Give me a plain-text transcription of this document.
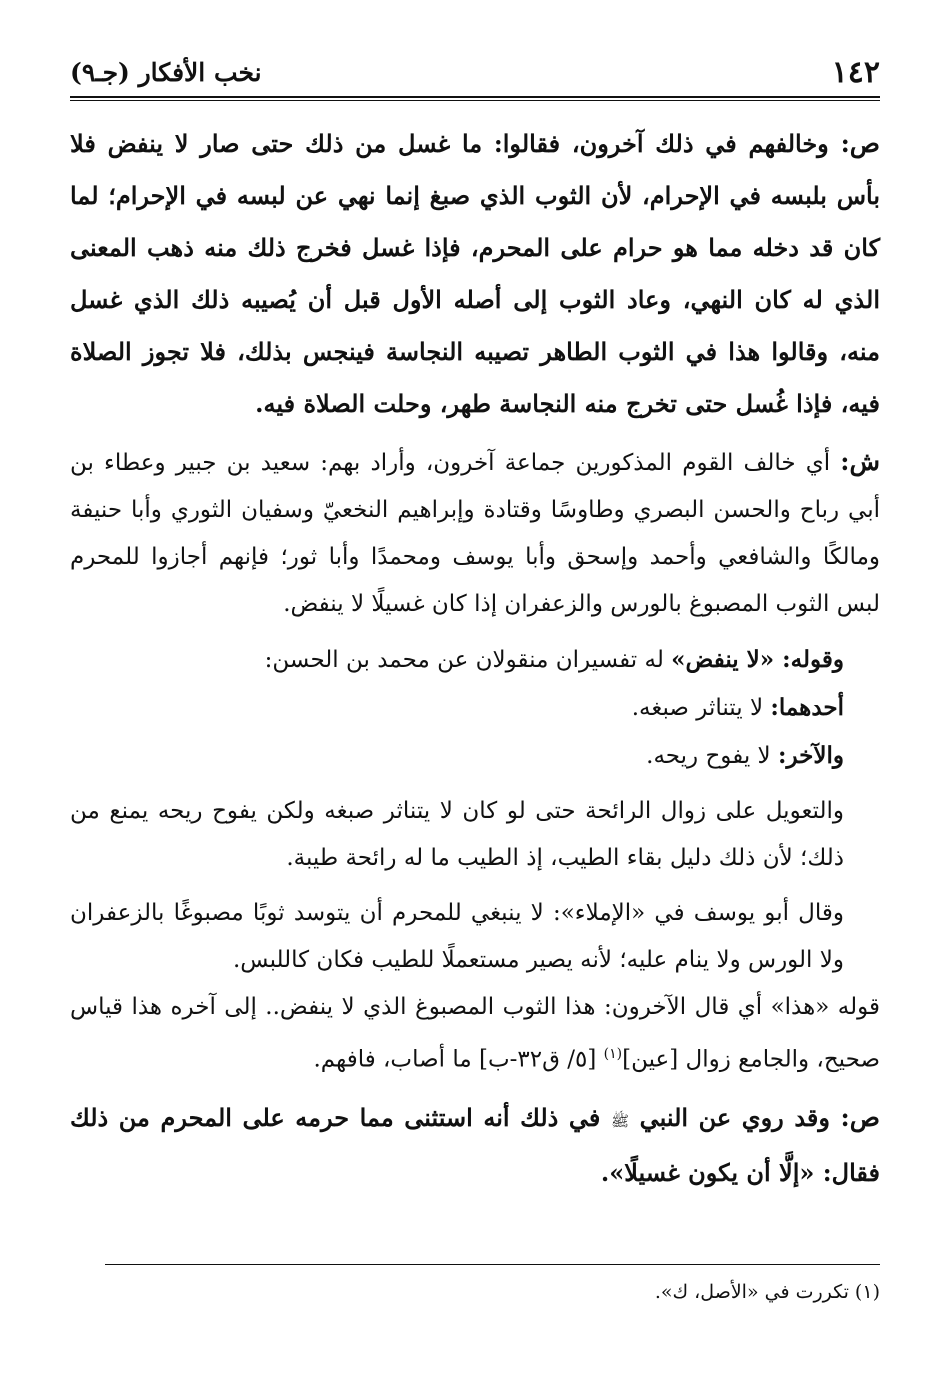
١٤٢
نخب الأفكار (جـ٩)

ص: وخالفهم في ذلك آخرون، فقالوا: ما غسل من ذلك حتى صار لا ينفض فلا بأس بلبسه في الإحرام، لأن الثوب الذي صبغ إنما نهي عن لبسه في الإحرام؛ لما كان قد دخله مما هو حرام على المحرم، فإذا غسل فخرج ذلك منه ذهب المعنى الذي له كان النهي، وعاد الثوب إلى أصله الأول قبل أن يُصيبه ذلك الذي غسل منه، وقالوا هذا في الثوب الطاهر تصيبه النجاسة فينجس بذلك، فلا تجوز الصلاة فيه، فإذا غُسل حتى تخرج منه النجاسة طهر، وحلت الصلاة فيه.

ش: أي خالف القوم المذكورين جماعة آخرون، وأراد بهم: سعيد بن جبير وعطاء بن أبي رباح والحسن البصري وطاوسًا وقتادة وإبراهيم النخعيّ وسفيان الثوري وأبا حنيفة ومالكًا والشافعي وأحمد وإسحق وأبا يوسف ومحمدًا وأبا ثور؛ فإنهم أجازوا للمحرم لبس الثوب المصبوغ بالورس والزعفران إذا كان غسيلًا لا ينفض.

وقوله: «لا ينفض» له تفسيران منقولان عن محمد بن الحسن:

أحدهما: لا يتناثر صبغه.

والآخر: لا يفوح ريحه.

والتعويل على زوال الرائحة حتى لو كان لا يتناثر صبغه ولكن يفوح ريحه يمنع من ذلك؛ لأن ذلك دليل بقاء الطيب، إذ الطيب ما له رائحة طيبة.

وقال أبو يوسف في «الإملاء»: لا ينبغي للمحرم أن يتوسد ثوبًا مصبوغًا بالزعفران ولا الورس ولا ينام عليه؛ لأنه يصير مستعملًا للطيب فكان كاللبس.

قوله «هذا» أي قال الآخرون: هذا الثوب المصبوغ الذي لا ينفض.. إلى آخره هذا قياس صحيح، والجامع زوال [عين]$^{(١)}$ [٥/ ق٣٢-ب] ما أصاب، فافهم.

ص: وقد روي عن النبي ﷺ في ذلك أنه استثنى مما حرمه على المحرم من ذلك فقال: «إلَّا أن يكون غسيلًا».

(١) تكررت في «الأصل، ك».
